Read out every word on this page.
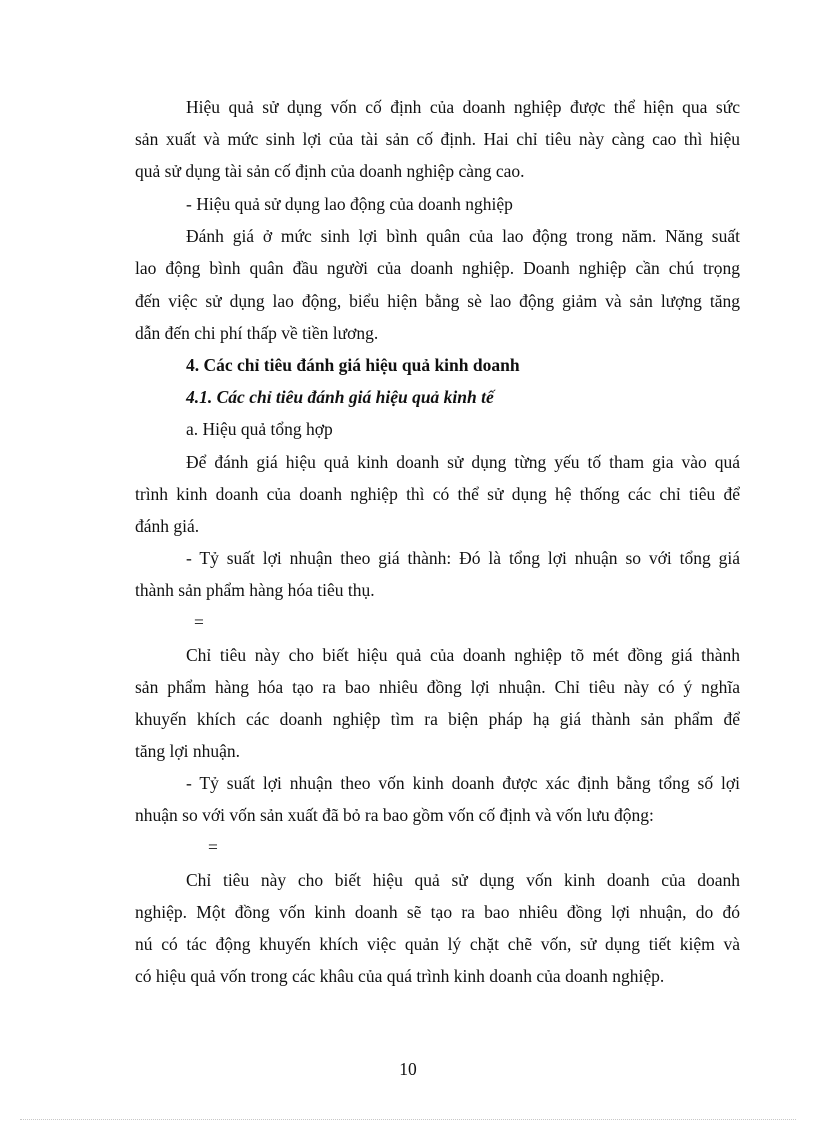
Hiệu quả sử dụng vốn cố định của doanh nghiệp được thể hiện qua sức
sản xuất và mức sinh lợi của tài sản cố định. Hai chỉ tiêu này càng cao thì hiệu
quả sử dụng tài sản cố định của doanh nghiệp càng cao.
- Hiệu quả sử dụng lao động của doanh nghiệp
Đánh giá ở mức sinh lợi bình quân của lao động trong năm. Năng suất
lao động bình quân đầu người của doanh nghiệp. Doanh nghiệp cần chú trọng
đến việc sử dụng lao động, biểu hiện bằng sè lao động giảm và sản lượng tăng
dẫn đến chi phí thấp về tiền lương.
4. Các chỉ tiêu đánh giá hiệu quả kinh doanh
4.1. Các chỉ tiêu đánh giá hiệu quả kinh tế
a. Hiệu quả tổng hợp
Để đánh giá hiệu quả kinh doanh sử dụng từng yếu tố tham gia vào quá
trình kinh doanh của doanh nghiệp thì có thể sử dụng hệ thống các chỉ tiêu để
đánh giá.
- Tỷ suất lợi nhuận theo giá thành: Đó là tổng lợi nhuận so với tổng giá
thành sản phẩm hàng hóa tiêu thụ.
=
Chỉ tiêu này cho biết hiệu quả của doanh nghiệp tõ mét đồng giá thành
sản phẩm hàng hóa tạo ra bao nhiêu đồng lợi nhuận. Chỉ tiêu này có ý nghĩa
khuyến khích các doanh nghiệp tìm ra biện pháp hạ giá thành sản phẩm để
tăng lợi nhuận.
- Tỷ suất lợi nhuận theo vốn kinh doanh được xác định bằng tổng số lợi
nhuận so với vốn sản xuất đã bỏ ra bao gồm vốn cố định và vốn lưu động:
=
Chỉ tiêu này cho biết hiệu quả sử dụng vốn kinh doanh của doanh
nghiệp. Một đồng vốn kinh doanh sẽ tạo ra bao nhiêu đồng lợi nhuận, do đó
nú có tác động khuyến khích việc quản lý chặt chẽ vốn, sử dụng tiết kiệm và
có hiệu quả vốn trong các khâu của quá trình kinh doanh của doanh nghiệp.
10
